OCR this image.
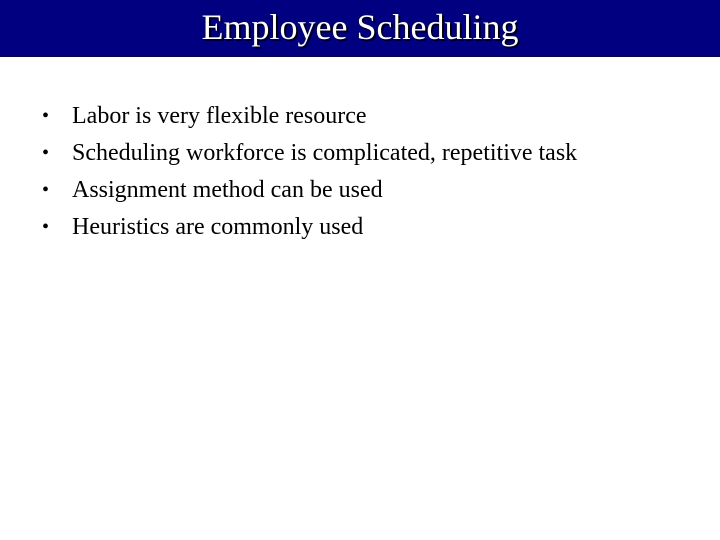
Employee Scheduling
• Labor is very flexible resource
• Scheduling workforce is complicated, repetitive task
• Assignment method can be used
• Heuristics are commonly used
